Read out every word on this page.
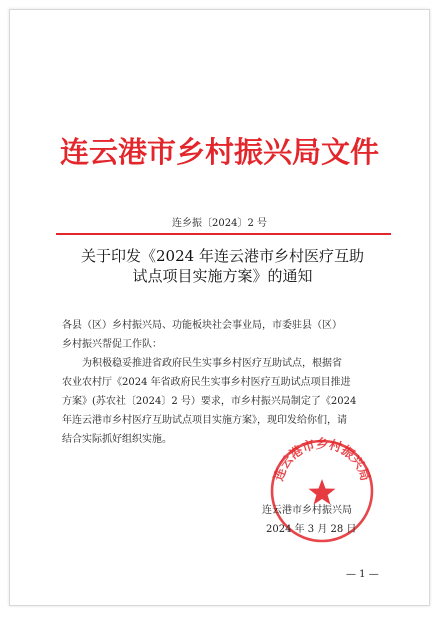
连云港市乡村振兴局文件
连乡振〔2024〕2 号
关于印发《2024 年连云港市乡村医疗互助
试点项目实施方案》的通知

各县（区）乡村振兴局、功能板块社会事业局，市委驻县（区）

乡村振兴帮促工作队：

为积极稳妥推进省政府民生实事乡村医疗互助试点，根据省

农业农村厅《2024 年省政府民生实事乡村医疗互助试点项目推进

方案》(苏农社〔2024〕2 号）要求，市乡村振兴局制定了《2024

年连云港市乡村医疗互助试点项目实施方案》，现印发给你们，请

结合实际抓好组织实施。

连云港市乡村振兴局
连云港市乡村振兴局
2024 年 3 月 28 日
— 1 —
